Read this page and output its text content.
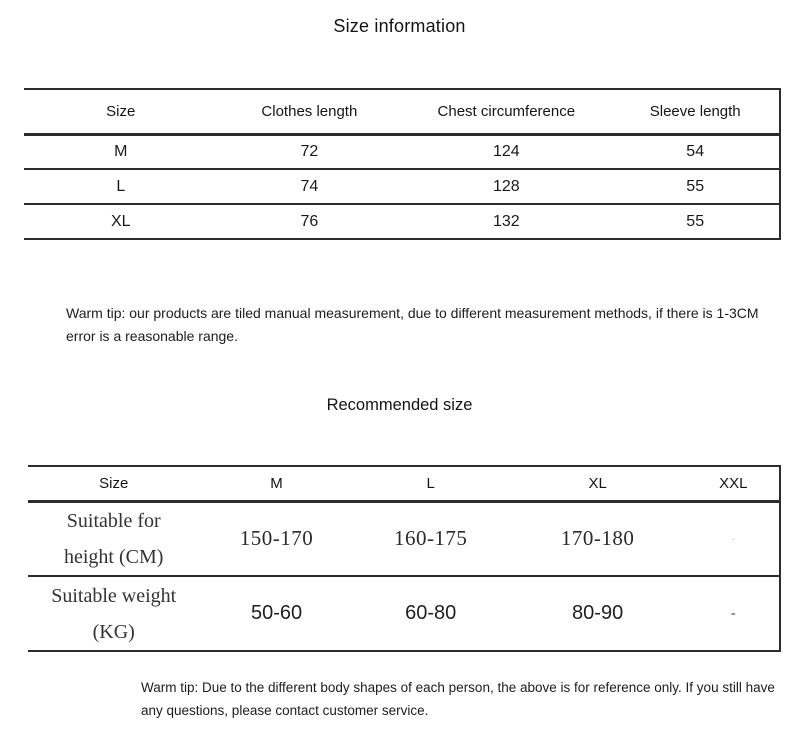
Size information
Size	Clothes length	Chest circumference	Sleeve length
M	72	124	54
L	74	128	55
XL	76	132	55

Warm tip: our products are tiled manual measurement, due to different measurement methods, if there is 1-3CM error is a reasonable range.

Recommended size
Size	M	L	XL	XXL

Suitable for
height (CM)	150-170	160-175	170-180	·

Suitable weight
(KG)	50-60	60-80	80-90	-

Warm tip: Due to the different body shapes of each person, the above is for reference only. If you still have any questions, please contact customer service.
